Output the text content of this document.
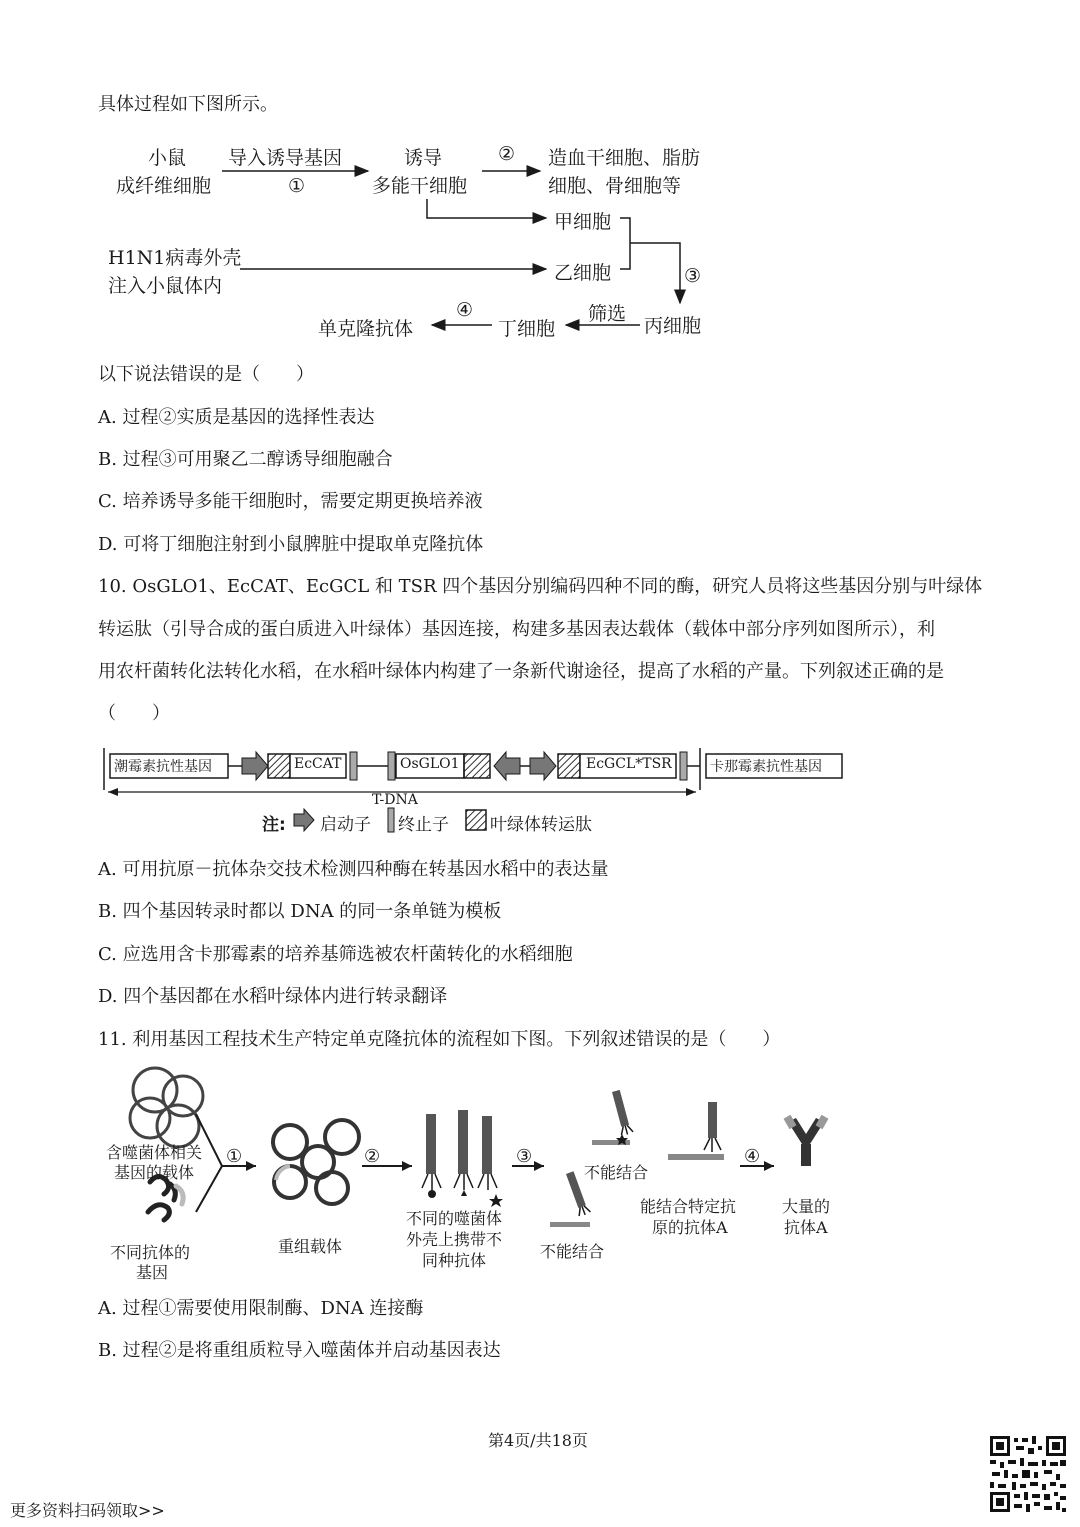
具体过程如下图所示。
小鼠
成纤维细胞
导入诱导基因
①
诱导
多能干细胞
② 造血干细胞、脂肪
细胞、骨细胞等
甲细胞
H1N1病毒外壳
注入小鼠体内
乙细胞	③
丙细胞
筛选
丁细胞
④
单克隆抗体
以下说法错误的是（　　）
A. 过程②实质是基因的选择性表达
B. 过程③可用聚乙二醇诱导细胞融合
C. 培养诱导多能干细胞时，需要定期更换培养液
D. 可将丁细胞注射到小鼠脾脏中提取单克隆抗体
10. OsGLO1、EcCAT、EcGCL 和 TSR 四个基因分别编码四种不同的酶，研究人员将这些基因分别与叶绿体
转运肽（引导合成的蛋白质进入叶绿体）基因连接，构建多基因表达载体（载体中部分序列如图所示），利
用农杆菌转化法转化水稻，在水稻叶绿体内构建了一条新代谢途径，提高了水稻的产量。下列叙述正确的是
（　　）
潮霉素抗性基因	EcCAT	OsGLO1	EcGCL*TSR	卡那霉素抗性基因
T-DNA
注: 启动子 终止子 叶绿体转运肽
A. 可用抗原－抗体杂交技术检测四种酶在转基因水稻中的表达量
B. 四个基因转录时都以 DNA 的同一条单链为模板
C. 应选用含卡那霉素的培养基筛选被农杆菌转化的水稻细胞
D. 四个基因都在水稻叶绿体内进行转录翻译
11. 利用基因工程技术生产特定单克隆抗体的流程如下图。下列叙述错误的是（　　）
含噬菌体相关
基因的载体
不同抗体的
基因
①
重组载体
②
不同的噬菌体
外壳上携带不
同种抗体
③
不能结合
不能结合
能结合特定抗
原的抗体A
④
大量的
抗体A
A. 过程①需要使用限制酶、DNA 连接酶
B. 过程②是将重组质粒导入噬菌体并启动基因表达
第4页/共18页
更多资料扫码领取>>
